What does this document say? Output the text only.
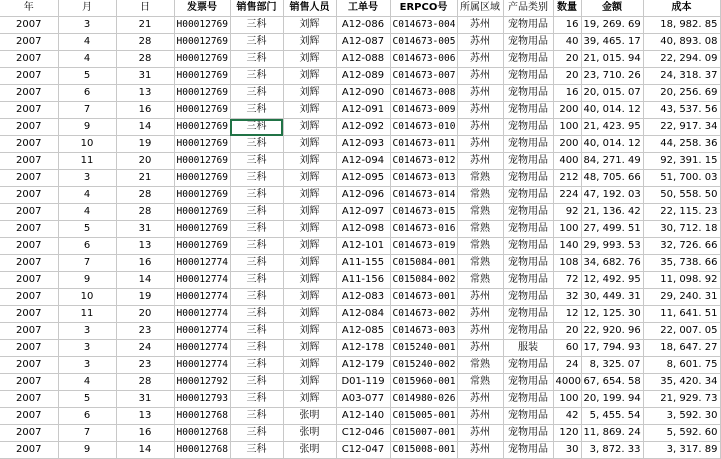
年	月	日	发票号	销售部门	销售人员	工单号	ERPCO号	所属区域	产品类别	数量	金额	成本
2007	3	21	H00012769	三科	刘辉	A12-086	C014673-004	苏州	宠物用品	16	19, 269. 69	18, 982. 85
2007	4	28	H00012769	三科	刘辉	A12-087	C014673-005	苏州	宠物用品	40	39, 465. 17	40, 893. 08
2007	4	28	H00012769	三科	刘辉	A12-088	C014673-006	苏州	宠物用品	20	21, 015. 94	22, 294. 09
2007	5	31	H00012769	三科	刘辉	A12-089	C014673-007	苏州	宠物用品	20	23, 710. 26	24, 318. 37
2007	6	13	H00012769	三科	刘辉	A12-090	C014673-008	苏州	宠物用品	16	20, 015. 07	20, 256. 69
2007	7	16	H00012769	三科	刘辉	A12-091	C014673-009	苏州	宠物用品	200	40, 014. 12	43, 537. 56
2007	9	14	H00012769	三科	刘辉	A12-092	C014673-010	苏州	宠物用品	100	21, 423. 95	22, 917. 34
2007	10	19	H00012769	三科	刘辉	A12-093	C014673-011	苏州	宠物用品	200	40, 014. 12	44, 258. 36
2007	11	20	H00012769	三科	刘辉	A12-094	C014673-012	苏州	宠物用品	400	84, 271. 49	92, 391. 15
2007	3	21	H00012769	三科	刘辉	A12-095	C014673-013	常熟	宠物用品	212	48, 705. 66	51, 700. 03
2007	4	28	H00012769	三科	刘辉	A12-096	C014673-014	常熟	宠物用品	224	47, 192. 03	50, 558. 50
2007	4	28	H00012769	三科	刘辉	A12-097	C014673-015	常熟	宠物用品	92	21, 136. 42	22, 115. 23
2007	5	31	H00012769	三科	刘辉	A12-098	C014673-016	常熟	宠物用品	100	27, 499. 51	30, 712. 18
2007	6	13	H00012769	三科	刘辉	A12-101	C014673-019	常熟	宠物用品	140	29, 993. 53	32, 726. 66
2007	7	16	H00012774	三科	刘辉	A11-155	C015084-001	常熟	宠物用品	108	34, 682. 76	35, 738. 66
2007	9	14	H00012774	三科	刘辉	A11-156	C015084-002	常熟	宠物用品	72	12, 492. 95	11, 098. 92
2007	10	19	H00012774	三科	刘辉	A12-083	C014673-001	苏州	宠物用品	32	30, 449. 31	29, 240. 31
2007	11	20	H00012774	三科	刘辉	A12-084	C014673-002	苏州	宠物用品	12	12, 125. 30	11, 641. 51
2007	3	23	H00012774	三科	刘辉	A12-085	C014673-003	苏州	宠物用品	20	22, 920. 96	22, 007. 05
2007	3	24	H00012774	三科	刘辉	A12-178	C015240-001	苏州	服装	60	17, 794. 93	18, 647. 27
2007	3	23	H00012774	三科	刘辉	A12-179	C015240-002	常熟	宠物用品	24	8, 325. 07	8, 601. 75
2007	4	28	H00012792	三科	刘辉	D01-119	C015960-001	常熟	宠物用品	4000	67, 654. 58	35, 420. 34
2007	5	31	H00012793	三科	刘辉	A03-077	C014980-026	苏州	宠物用品	100	20, 199. 94	21, 929. 73
2007	6	13	H00012768	三科	张明	A12-140	C015005-001	苏州	宠物用品	42	5, 455. 54	3, 592. 30
2007	7	16	H00012768	三科	张明	C12-046	C015007-001	苏州	宠物用品	120	11, 869. 24	5, 592. 60
2007	9	14	H00012768	三科	张明	C12-047	C015008-001	苏州	宠物用品	30	3, 872. 33	3, 317. 89
